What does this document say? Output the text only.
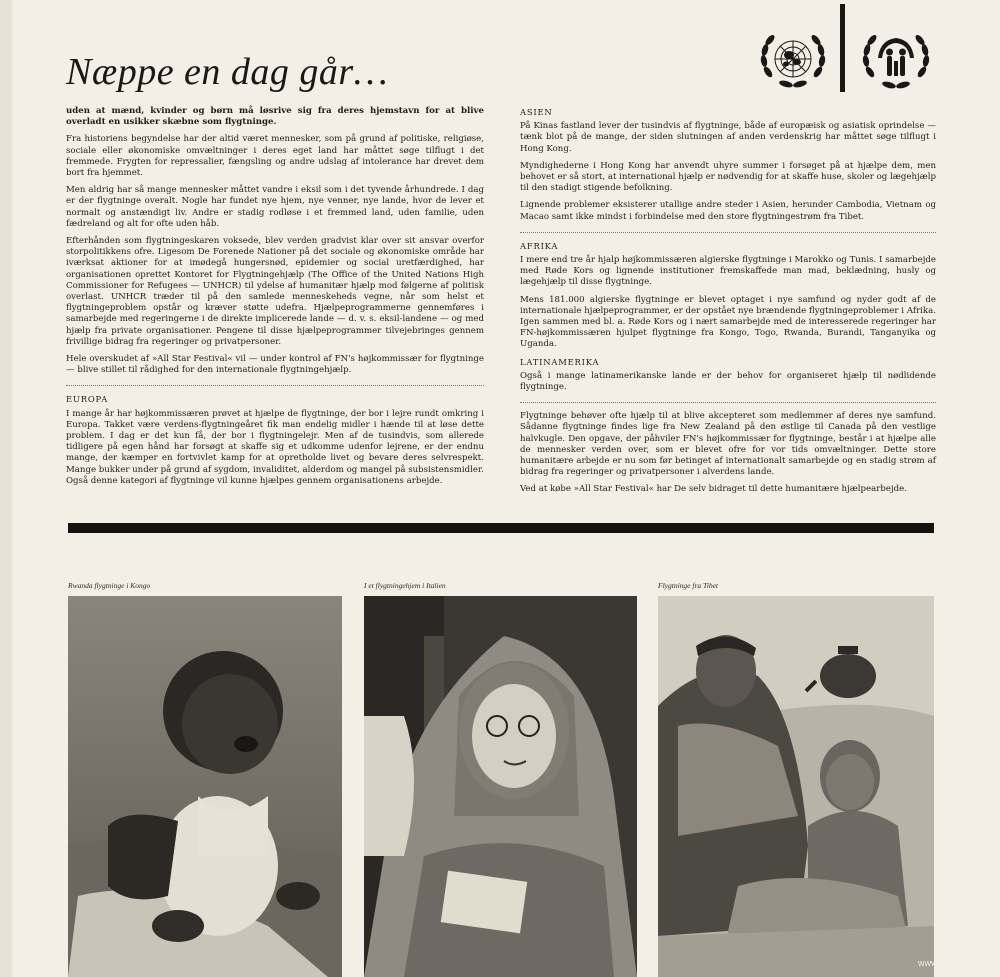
Næppe en dag går…

uden at mænd, kvinder og børn må løsrive sig fra deres hjemstavn for at blive overladt en usikker skæbne som flygtninge.

Fra historiens begyndelse har der altid været mennesker, som på grund af politiske, religiøse, sociale eller økonomiske omvæltninger i deres eget land har måttet søge tilflugt i det fremmede. Frygten for repressalier, fængsling og andre udslag af intolerance har drevet dem bort fra hjemmet.

Men aldrig har så mange mennesker måttet vandre i eksil som i det tyvende århundrede. I dag er der flygtninge overalt. Nogle har fundet nye hjem, nye venner, nye lande, hvor de lever et normalt og anstændigt liv. Andre er stadig rodløse i et fremmed land, uden familie, uden fædreland og alt for ofte uden håb.

Efterhånden som flygtningeskaren voksede, blev verden gradvist klar over sit ansvar overfor storpolitikkens ofre. Ligesom De Forenede Nationer på det sociale og økonomiske område har iværksat aktioner for at imødegå hungersnød, epidemier og social uretfærdighed, har organisationen oprettet Kontoret for Flygtningehjælp (The Office of the United Nations High Commissioner for Refugees — UNHCR) til ydelse af humanitær hjælp mod følgerne af politisk overlast. UNHCR træder til på den samlede menneskeheds vegne, når som helst et flygtningeproblem opstår og kræver støtte udefra. Hjælpeprogrammerne gennemføres i samarbejde med regeringerne i de direkte implicerede lande — d. v. s. eksil-landene — og med hjælp fra private organisationer. Pengene til disse hjælpeprogrammer tilvejebringes gennem frivillige bidrag fra regeringer og privatpersoner.

Hele overskudet af »All Star Festival« vil — under kontrol af FN's højkommissær for flygtninge — blive stillet til rådighed for den internationale flygtningehjælp.

EUROPA

I mange år har højkommissæren prøvet at hjælpe de flygtninge, der bor i lejre rundt omkring i Europa. Takket være verdens-flygtningeåret fik man endelig midler i hænde til at løse dette problem. I dag er det kun få, der bor i flygtningelejr. Men af de tusindvis, som allerede tidligere på egen hånd har forsøgt at skaffe sig et udkomme udenfor lejrene, er der endnu mange, der kæmper en fortvivlet kamp for at opretholde livet og bevare deres selvrespekt. Mange bukker under på grund af sygdom, invaliditet, alderdom og mangel på subsistensmidler.

Også denne kategori af flygtninge vil kunne hjælpes gennem organisationens arbejde.

ASIEN

På Kinas fastland lever der tusindvis af flygtninge, både af europæisk og asiatisk oprindelse — tænk blot på de mange, der siden slutningen af anden verdenskrig har måttet søge tilflugt i Hong Kong.

Myndighederne i Hong Kong har anvendt uhyre summer i forsøget på at hjælpe dem, men behovet er så stort, at international hjælp er nødvendig for at skaffe huse, skoler og lægehjælp til den stadigt stigende befolkning.

Lignende problemer eksisterer utallige andre steder i Asien, herunder Cambodia, Vietnam og Macao samt ikke mindst i forbindelse med den store flygtningestrøm fra Tibet.

AFRIKA

I mere end tre år hjalp højkommissæren algierske flygtninge i Marokko og Tunis. I samarbejde med Røde Kors og lignende institutioner fremskaffede man mad, beklædning, husly og lægehjælp til disse flygtninge.

Mens 181.000 algierske flygtninge er blevet optaget i nye samfund og nyder godt af de internationale hjælpeprogrammer, er der opstået nye brændende flygtningeproblemer i Afrika. Igen sammen med bl. a. Røde Kors og i nært samarbejde med de interesserede regeringer har FN-højkommissæren hjulpet flygtninge fra Kongo, Togo, Rwanda, Burandi, Tanganyika og Uganda.

LATINAMERIKA

Også i mange latinamerikanske lande er der behov for organiseret hjælp til nødlidende flygtninge.

Flygtninge behøver ofte hjælp til at blive akcepteret som medlemmer af deres nye samfund. Sådanne flygtninge findes lige fra New Zealand på den østlige til Canada på den vestlige halvkugle. Den opgave, der påhviler FN's højkommissær for flygtninge, består i at hjælpe alle de mennesker verden over, som er blevet ofre for vor tids omvæltninger. Dette store humanitære arbejde er nu som før betinget af internationalt samarbejde og en stadig strøm af bidrag fra regeringer og privatpersoner i alverdens lande.

Ved at købe »All Star Festival« har De selv bidraget til dette humanitære hjælpearbejde.

Rwanda flygtninge i Kongo	I et flygtningehjem i Italien	Flygtninge fra Tibet

www.ay.by
